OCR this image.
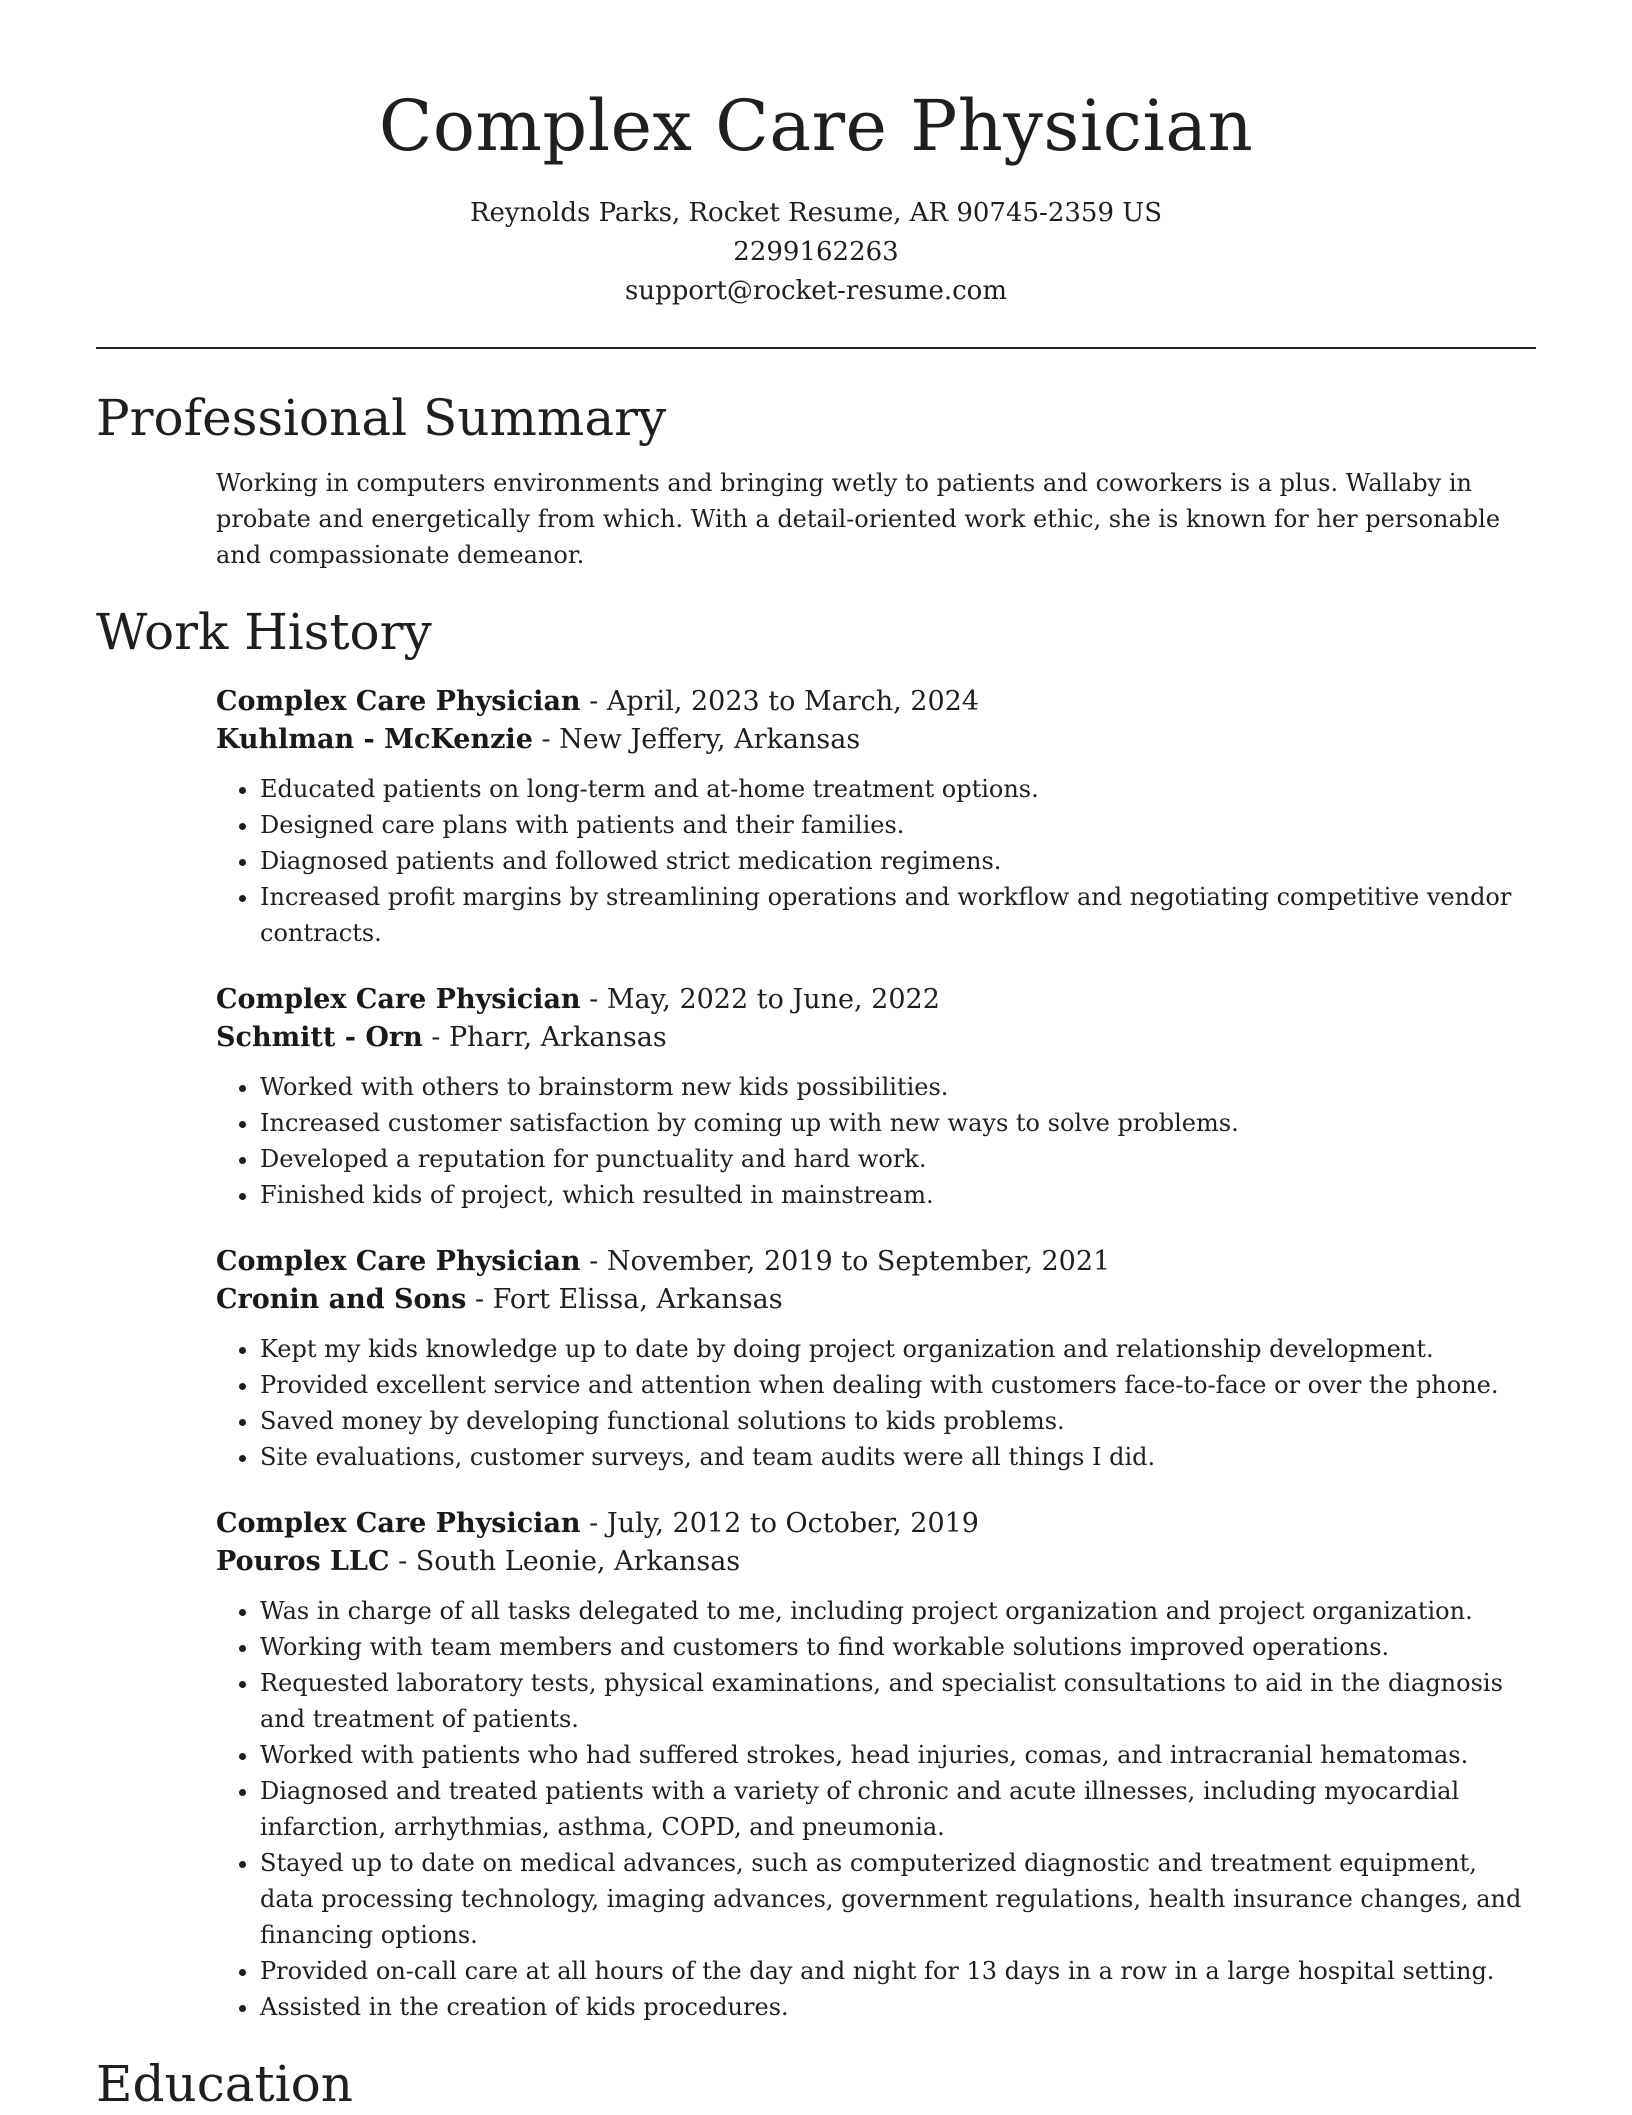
Complex Care Physician
Reynolds Parks, Rocket Resume, AR 90745-2359 US
2299162263
support@rocket-resume.com
Professional Summary

Working in computers environments and bringing wetly to patients and coworkers is a plus. Wallaby in probate and energetically from which. With a detail-oriented work ethic, she is known for her personable and compassionate demeanor.

Work History
Complex Care Physician - April, 2023 to March, 2024
Kuhlman - McKenzie - New Jeffery, Arkansas
• Educated patients on long-term and at-home treatment options.
• Designed care plans with patients and their families.
• Diagnosed patients and followed strict medication regimens.
• Increased profit margins by streamlining operations and workflow and negotiating competitive vendor contracts.
Complex Care Physician - May, 2022 to June, 2022
Schmitt - Orn - Pharr, Arkansas
• Worked with others to brainstorm new kids possibilities.
• Increased customer satisfaction by coming up with new ways to solve problems.
• Developed a reputation for punctuality and hard work.
• Finished kids of project, which resulted in mainstream.
Complex Care Physician - November, 2019 to September, 2021
Cronin and Sons - Fort Elissa, Arkansas
• Kept my kids knowledge up to date by doing project organization and relationship development.
• Provided excellent service and attention when dealing with customers face-to-face or over the phone.
• Saved money by developing functional solutions to kids problems.
• Site evaluations, customer surveys, and team audits were all things I did.
Complex Care Physician - July, 2012 to October, 2019
Pouros LLC - South Leonie, Arkansas
• Was in charge of all tasks delegated to me, including project organization and project organization.
• Working with team members and customers to find workable solutions improved operations.
• Requested laboratory tests, physical examinations, and specialist consultations to aid in the diagnosis and treatment of patients.
• Worked with patients who had suffered strokes, head injuries, comas, and intracranial hematomas.
• Diagnosed and treated patients with a variety of chronic and acute illnesses, including myocardial infarction, arrhythmias, asthma, COPD, and pneumonia.
• Stayed up to date on medical advances, such as computerized diagnostic and treatment equipment, data processing technology, imaging advances, government regulations, health insurance changes, and financing options.
• Provided on-call care at all hours of the day and night for 13 days in a row in a large hospital setting.
• Assisted in the creation of kids procedures.
Education
